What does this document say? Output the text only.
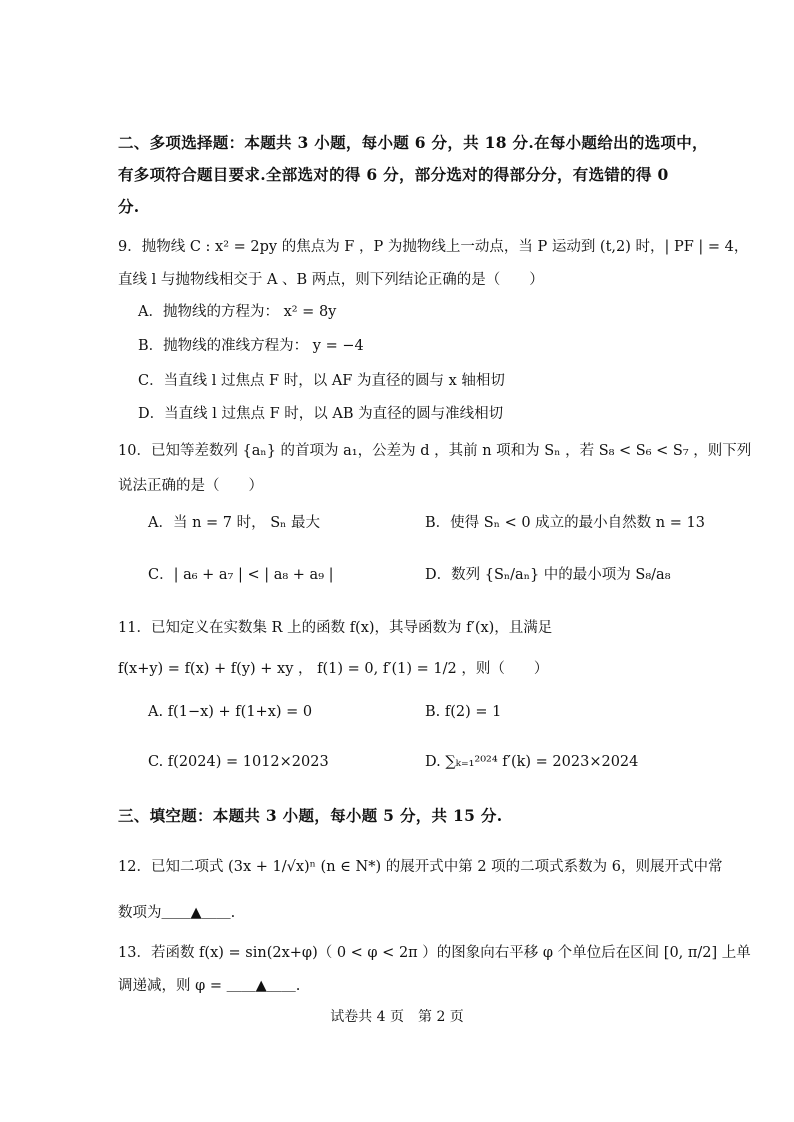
二、多项选择题：本题共 3 小题，每小题 6 分，共 18 分.在每小题给出的选项中，
有多项符合题目要求.全部选对的得 6 分，部分选对的得部分分，有选错的得 0
分.
9．抛物线 C : x² = 2py 的焦点为 F ，P 为抛物线上一动点，当 P 运动到 (t,2) 时，| PF | = 4，
直线 l 与抛物线相交于 A 、B 两点，则下列结论正确的是（　　）
A．抛物线的方程为： x² = 8y
B．抛物线的准线方程为： y = −4
C．当直线 l 过焦点 F 时，以 AF 为直径的圆与 x 轴相切
D．当直线 l 过焦点 F 时，以 AB 为直径的圆与准线相切
10．已知等差数列 {aₙ} 的首项为 a₁，公差为 d ，其前 n 项和为 Sₙ ，若 S₈ < S₆ < S₇ ，则下列
说法正确的是（　　）
A．当 n = 7 时， Sₙ 最大	B．使得 Sₙ < 0 成立的最小自然数 n = 13
C．| a₆ + a₇ | < | a₈ + a₉ |	D．数列 {Sₙ/aₙ} 中的最小项为 S₈/a₈
11．已知定义在实数集 R 上的函数 f(x)，其导函数为 f′(x)，且满足
f(x+y) = f(x) + f(y) + xy ， f(1) = 0, f′(1) = 1/2 ，则（　　）
A. f(1−x) + f(1+x) = 0	B. f(2) = 1
C. f(2024) = 1012×2023	D. ∑ₖ₌₁²⁰²⁴ f′(k) = 2023×2024
三、填空题：本题共 3 小题，每小题 5 分，共 15 分.
12．已知二项式 (3x + 1/√x)ⁿ (n ∈ N*) 的展开式中第 2 项的二项式系数为 6，则展开式中常
数项为＿＿▲＿＿.
13．若函数 f(x) = sin(2x+φ)（ 0 < φ < 2π ）的图象向右平移 φ 个单位后在区间 [0, π/2] 上单
调递减，则 φ = ＿＿▲＿＿.
试卷共 4 页　第 2 页
